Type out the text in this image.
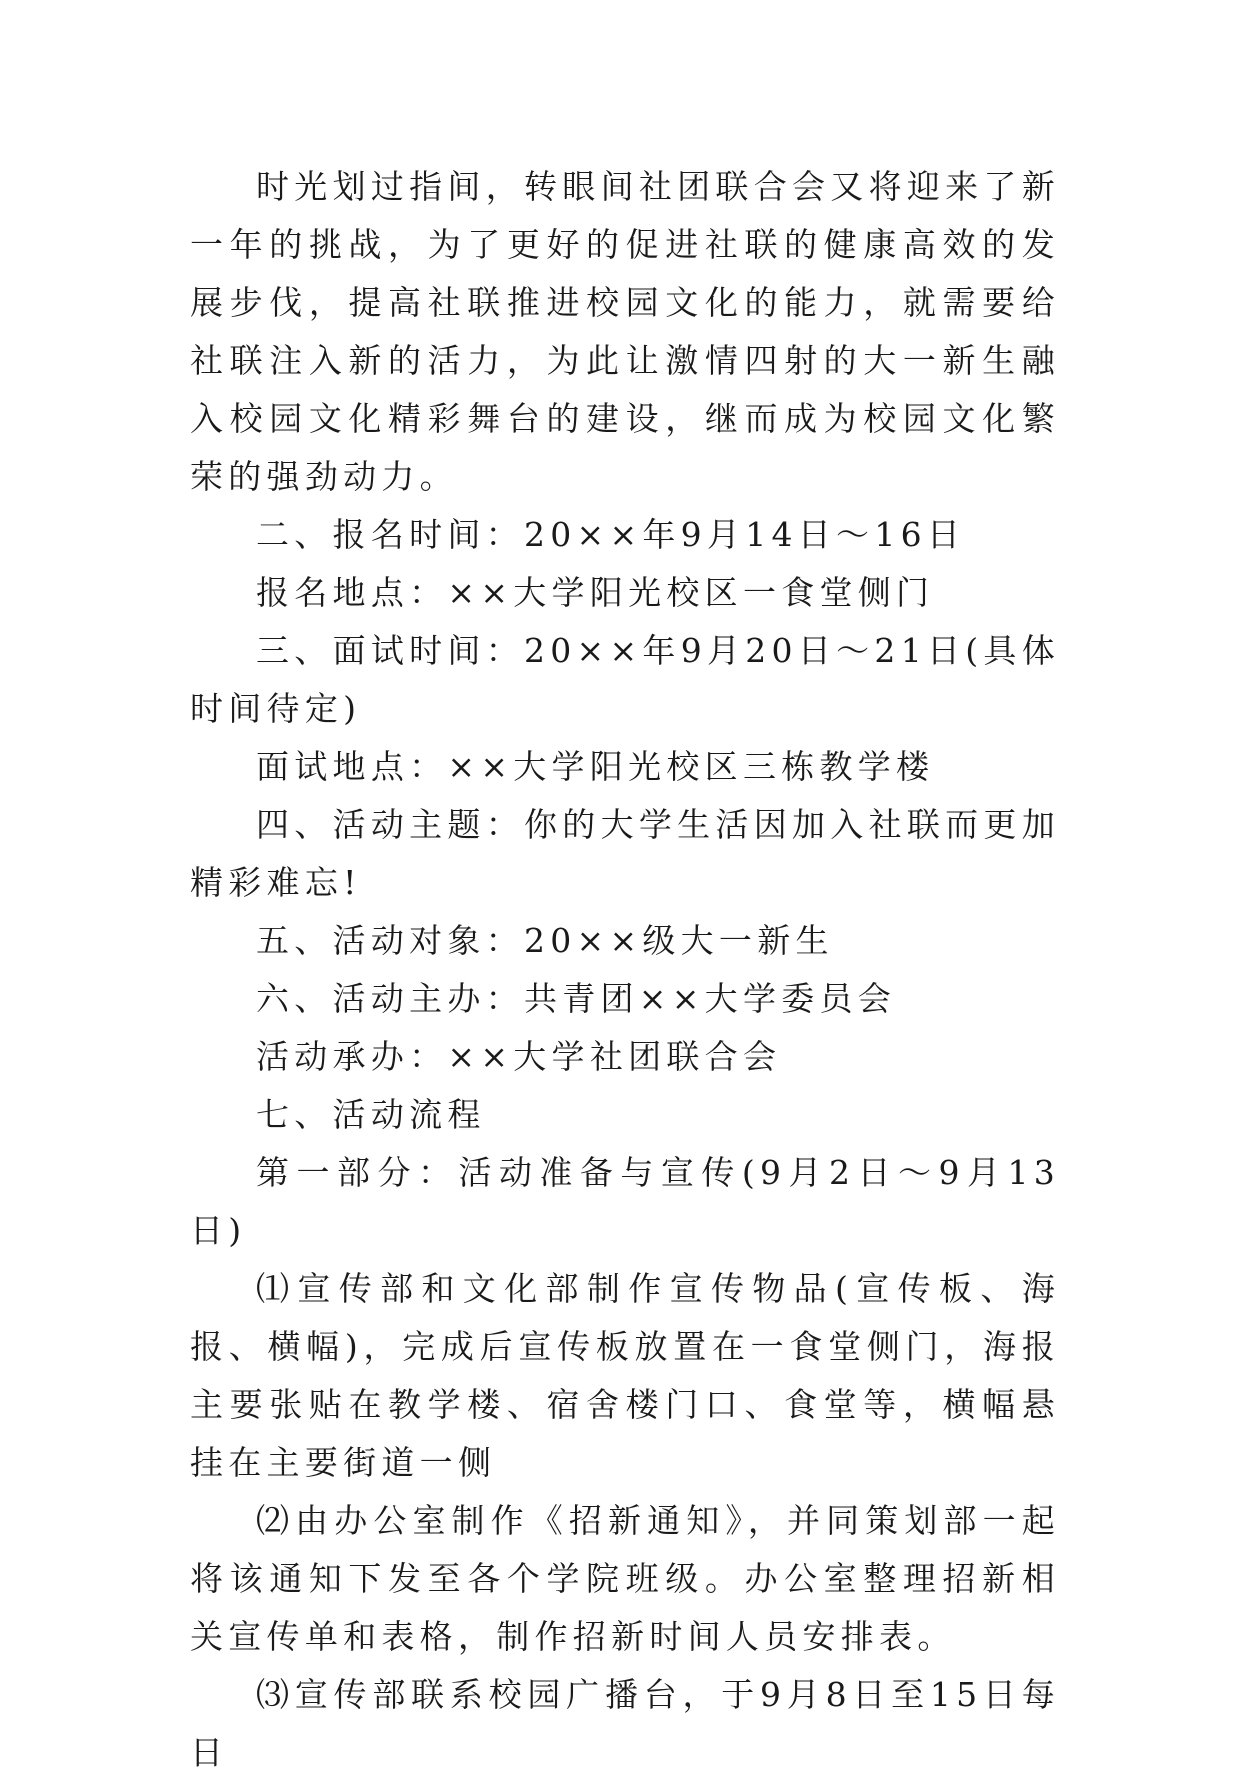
时光划过指间，转眼间社团联合会又将迎来了新一年的挑战，为了更好的促进社联的健康高效的发展步伐，提高社联推进校园文化的能力，就需要给社联注入新的活力，为此让激情四射的大一新生融入校园文化精彩舞台的建设，继而成为校园文化繁荣的强劲动力。

二、报名时间：20××年9月14日～16日

报名地点：××大学阳光校区一食堂侧门

三、面试时间：20××年9月20日～21日(具体时间待定)

面试地点：××大学阳光校区三栋教学楼

四、活动主题：你的大学生活因加入社联而更加精彩难忘!

五、活动对象：20××级大一新生

六、活动主办：共青团××大学委员会

活动承办：××大学社团联合会

七、活动流程

第一部分：活动准备与宣传(9月2日～9月13日)

⑴宣传部和文化部制作宣传物品(宣传板、海报、横幅)，完成后宣传板放置在一食堂侧门，海报主要张贴在教学楼、宿舍楼门口、食堂等，横幅悬挂在主要街道一侧

⑵由办公室制作《招新通知》，并同策划部一起将该通知下发至各个学院班级。办公室整理招新相关宣传单和表格，制作招新时间人员安排表。

⑶宣传部联系校园广播台，于9月8日至15日每日
